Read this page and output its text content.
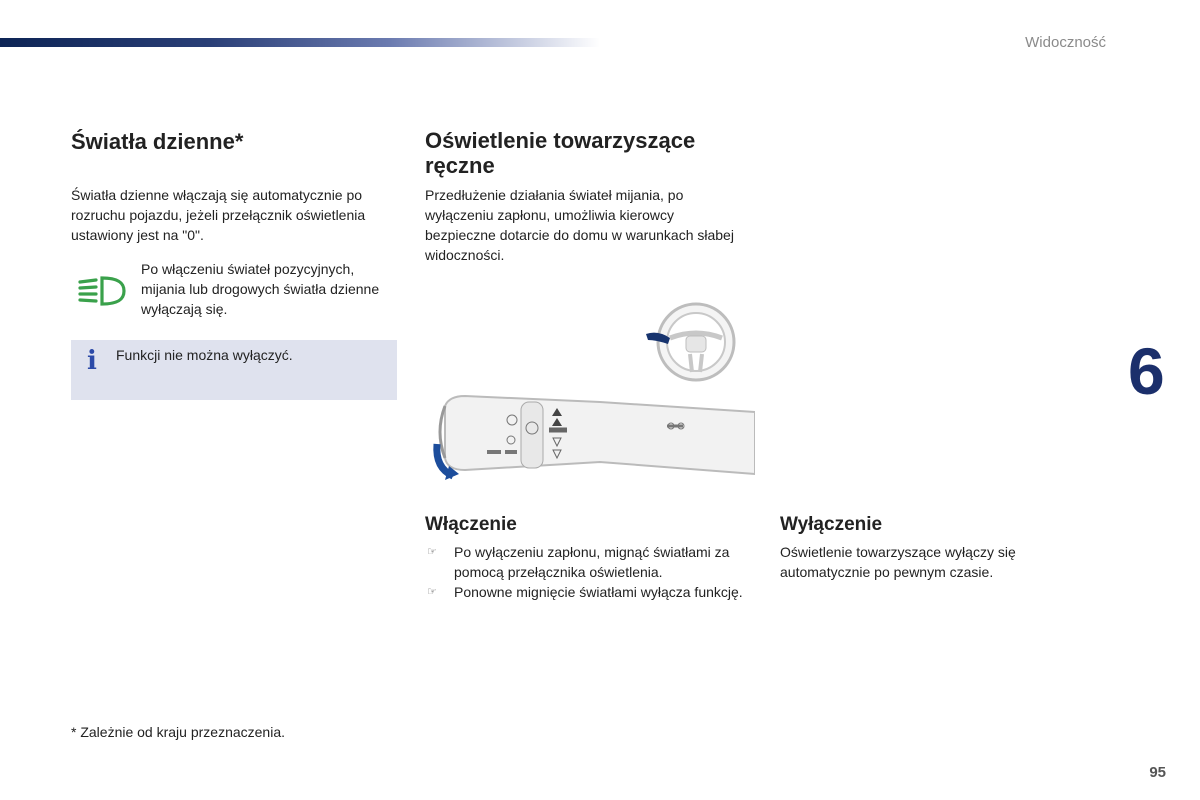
Widoczność
6
Światła dzienne*

Światła dzienne włączają się automatycznie po rozruchu pojazdu, jeżeli przełącznik oświetlenia ustawiony jest na "0".

Po włączeniu świateł pozycyjnych, mijania lub drogowych światła dzienne wyłączają się.

i Funkcji nie można wyłączyć.

Oświetlenie towarzyszące ręczne

Przedłużenie działania świateł mijania, po wyłączeniu zapłonu, umożliwia kierowcy bezpieczne dotarcie do domu w warunkach słabej widoczności.

Włączenie
☞ Po wyłączeniu zapłonu, mignąć światłami za pomocą przełącznika oświetlenia.
☞ Ponowne mignięcie światłami wyłącza funkcję.
Wyłączenie

Oświetlenie towarzyszące wyłączy się automatycznie po pewnym czasie.

* Zależnie od kraju przeznaczenia.

95
